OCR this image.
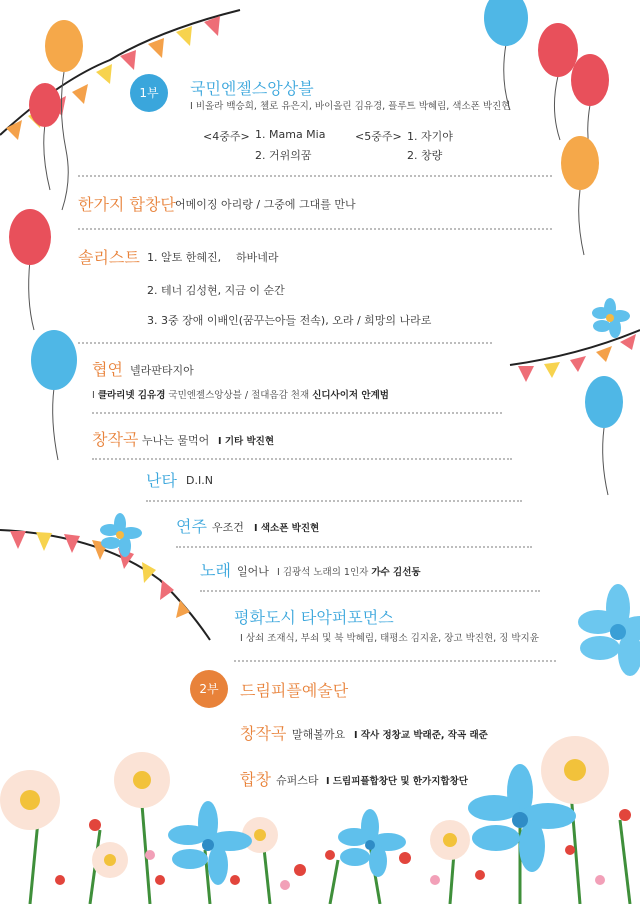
1부	국민엔젤스앙상블
I 비올라 백승희, 첼로 유은지, 바이올린 김유경, 플루트 박혜림, 색소폰 박진현
<4중주> 1. Mama Mia
2. 거위의꿈
<5중주> 1. 자기야
2. 창량
한가지 합창단 어메이징 아리랑 / 그중에 그대를 만나
솔리스트 1. 알토 한혜진, 하바네라
2. 테너 김성현, 지금 이 순간
3. 3중 장애 이배인(꿈꾸는아들 전속), 오라 / 희망의 나라로
협연 넬라판타지아
I 클라리넷 김유경 국민엔젤스앙상블 / 절대음감 천재 신디사이저 안계범
창작곡 누나는 물먹어 I 기타 박진현
난타 D.I.N
연주 우조건 I 색소폰 박진현
노래 일어나 I 김광석 노래의 1인자 가수 김선동
평화도시 타악퍼포먼스
I 상쇠 조재식, 부쇠 및 북 박혜림, 태평소 김지윤, 장고 박진현, 징 박지윤
2부	드림피플예술단
창작곡 말해볼까요 I 작사 정창교 박래준, 작곡 래준
합창 슈퍼스타 I 드림피플합창단 및 한가지합창단
